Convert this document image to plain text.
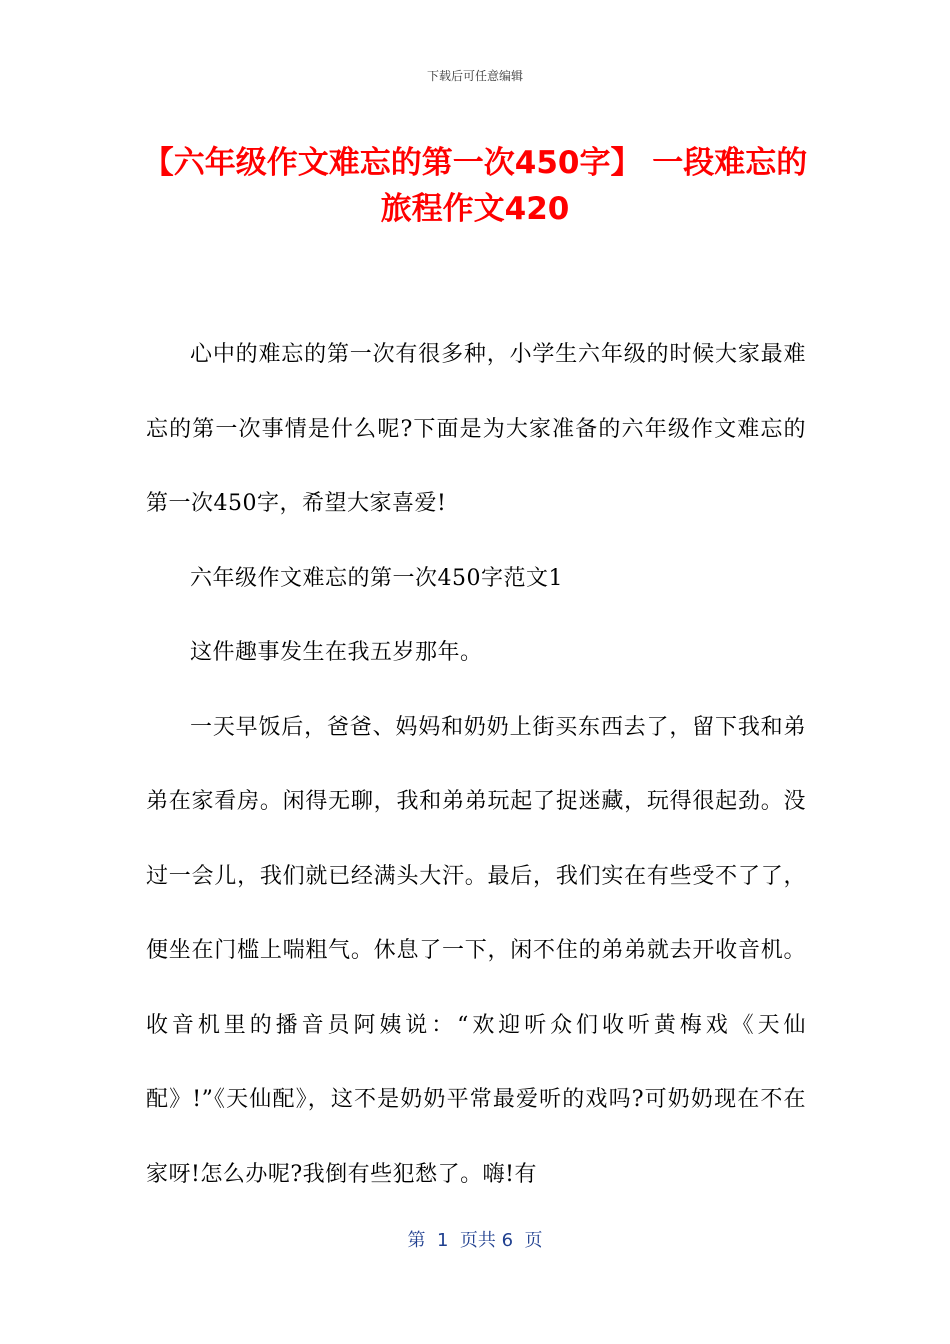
下载后可任意编辑
【六年级作文难忘的第一次450字】 一段难忘的旅程作文420

心中的难忘的第一次有很多种，小学生六年级的时候大家最难忘的第一次事情是什么呢?下面是为大家准备的六年级作文难忘的第一次450字，希望大家喜爱!

六年级作文难忘的第一次450字范文1

这件趣事发生在我五岁那年。

一天早饭后，爸爸、妈妈和奶奶上街买东西去了，留下我和弟弟在家看房。闲得无聊，我和弟弟玩起了捉迷藏，玩得很起劲。没过一会儿，我们就已经满头大汗。最后，我们实在有些受不了了，便坐在门槛上喘粗气。休息了一下，闲不住的弟弟就去开收音机。收音机里的播音员阿姨说：“欢迎听众们收听黄梅戏《天仙配》!”《天仙配》，这不是奶奶平常最爱听的戏吗?可奶奶现在不在家呀!怎么办呢?我倒有些犯愁了。嗨!有

第  1  页共 6  页
